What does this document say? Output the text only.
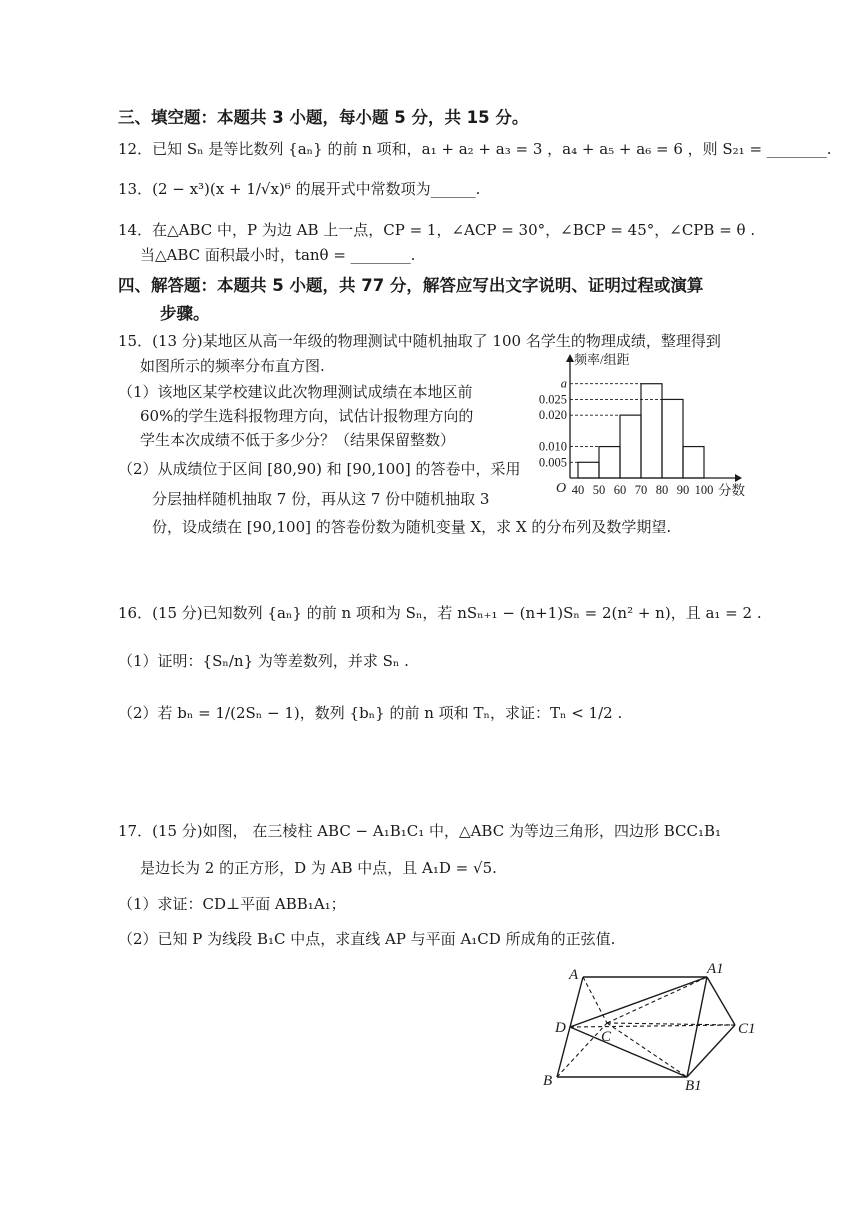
三、填空题：本题共 3 小题，每小题 5 分，共 15 分。
12．已知 Sₙ 是等比数列 {aₙ} 的前 n 项和，a₁ + a₂ + a₃ = 3 ，a₄ + a₅ + a₆ = 6 ，则 S₂₁ = ________.
13．(2 − x³)(x + 1/√x)⁶ 的展开式中常数项为______.
14．在△ABC 中，P 为边 AB 上一点，CP = 1，∠ACP = 30°，∠BCP = 45°，∠CPB = θ .
当△ABC 面积最小时，tanθ = ________.
四、解答题：本题共 5 小题，共 77 分，解答应写出文字说明、证明过程或演算
步骤。
15．(13 分)某地区从高一年级的物理测试中随机抽取了 100 名学生的物理成绩，整理得到
如图所示的频率分布直方图.
（1）该地区某学校建议此次物理测试成绩在本地区前
60%的学生选科报物理方向，试估计报物理方向的
学生本次成绩不低于多少分？（结果保留整数）
（2）从成绩位于区间 [80,90) 和 [90,100] 的答卷中，采用
分层抽样随机抽取 7 份，再从这 7 份中随机抽取 3
份，设成绩在 [90,100] 的答卷份数为随机变量 X，求 X 的分布列及数学期望.
频率/组距
a
0.025
0.020
0.010
0.005
40 50 60 70 80 90 100 分数
O
16．(15 分)已知数列 {aₙ} 的前 n 项和为 Sₙ，若 nSₙ₊₁ − (n+1)Sₙ = 2(n² + n)，且 a₁ = 2 .
（1）证明：{Sₙ/n} 为等差数列，并求 Sₙ .
（2）若 bₙ = 1/(2Sₙ − 1)，数列 {bₙ} 的前 n 项和 Tₙ，求证：Tₙ < 1/2 .
17．(15 分)如图， 在三棱柱 ABC − A₁B₁C₁ 中，△ABC 为等边三角形，四边形 BCC₁B₁
是边长为 2 的正方形，D 为 AB 中点，且 A₁D = √5.
（1）求证：CD⊥平面 ABB₁A₁；
（2）已知 P 为线段 B₁C 中点，求直线 AP 与平面 A₁CD 所成角的正弦值.
A	A1
D
C	C1
B	B1
